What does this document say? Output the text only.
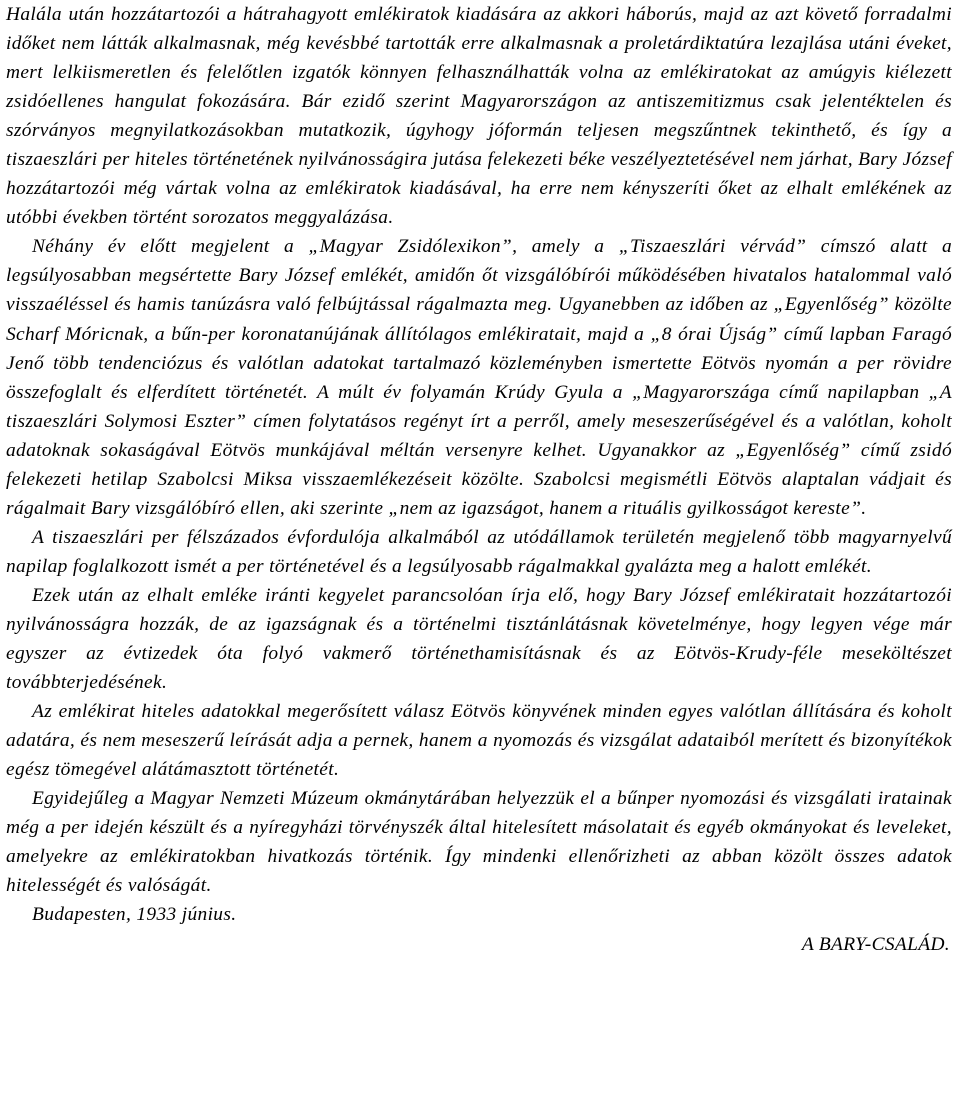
Halála után hozzátartozói a hátrahagyott emlékiratok kiadására az akkori háborús, majd az azt követő forradalmi időket nem látták alkalmasnak, még kevésbbé tartották erre alkalmasnak a proletárdiktatúra lezajlása utáni éveket, mert lelkiismeretlen és felelőtlen izgatók könnyen felhasználhatták volna az emlékiratokat az amúgyis kiélezett zsidóellenes hangulat fokozására. Bár ezidő szerint Magyarországon az antiszemitizmus csak jelentéktelen és szórványos megnyilatkozásokban mutatkozik, úgyhogy jóformán teljesen megszűntnek tekinthető, és így a tiszaeszlári per hiteles történetének nyilvánosságira jutása felekezeti béke veszélyeztetésével nem járhat, Bary József hozzátartozói még vártak volna az emlékiratok kiadásával, ha erre nem kényszeríti őket az elhalt emlékének az utóbbi években történt sorozatos meggyalázása.

Néhány év előtt megjelent a „Magyar Zsidólexikon”, amely a „Tiszaeszlári vérvád” címszó alatt a legsúlyosabban megsértette Bary József emlékét, amidőn őt vizsgálóbírói működésében hivatalos hatalommal való visszaéléssel és hamis tanúzásra való felbújtással rágalmazta meg. Ugyanebben az időben az „Egyenlőség” közölte Scharf Móricnak, a bűn-per koronatanújának állítólagos emlékiratait, majd a „8 órai Újság” című lapban Faragó Jenő több tendenciózus és valótlan adatokat tartalmazó közleményben ismertette Eötvös nyomán a per rövidre összefoglalt és elferdített történetét. A múlt év folyamán Krúdy Gyula a „Magyarországa című napilapban „A tiszaeszlári Solymosi Eszter” címen folytatásos regényt írt a perről, amely meseszerűségével és a valótlan, koholt adatoknak sokaságával Eötvös munkájával méltán versenyre kelhet. Ugyanakkor az „Egyenlőség” című zsidó felekezeti hetilap Szabolcsi Miksa visszaemlékezéseit közölte. Szabolcsi megismétli Eötvös alaptalan vádjait és rágalmait Bary vizsgálóbíró ellen, aki szerinte „nem az igazságot, hanem a rituális gyilkosságot kereste”.

A tiszaeszlári per félszázados évfordulója alkalmából az utódállamok területén megjelenő több magyarnyelvű napilap foglalkozott ismét a per történetével és a legsúlyosabb rágalmakkal gyalázta meg a halott emlékét.

Ezek után az elhalt emléke iránti kegyelet parancsolóan írja elő, hogy Bary József emlékiratait hozzátartozói nyilvánosságra hozzák, de az igazságnak és a történelmi tisztánlátásnak követelménye, hogy legyen vége már egyszer az évtizedek óta folyó vakmerő történethamisításnak és az Eötvös-Krudy-féle meseköltészet továbbterjedésének.

Az emlékirat hiteles adatokkal megerősített válasz Eötvös könyvének minden egyes valótlan állítására és koholt adatára, és nem meseszerű leírását adja a pernek, hanem a nyomozás és vizsgálat adataiból merített és bizonyítékok egész tömegével alátámasztott történetét.

Egyidejűleg a Magyar Nemzeti Múzeum okmánytárában helyezzük el a bűnper nyomozási és vizsgálati iratainak még a per idején készült és a nyíregyházi törvényszék által hitelesített másolatait és egyéb okmányokat és leveleket, amelyekre az emlékiratokban hivatkozás történik. Így mindenki ellenőrizheti az abban közölt összes adatok hitelességét és valóságát.

Budapesten, 1933 június.

A BARY-CSALÁD.
